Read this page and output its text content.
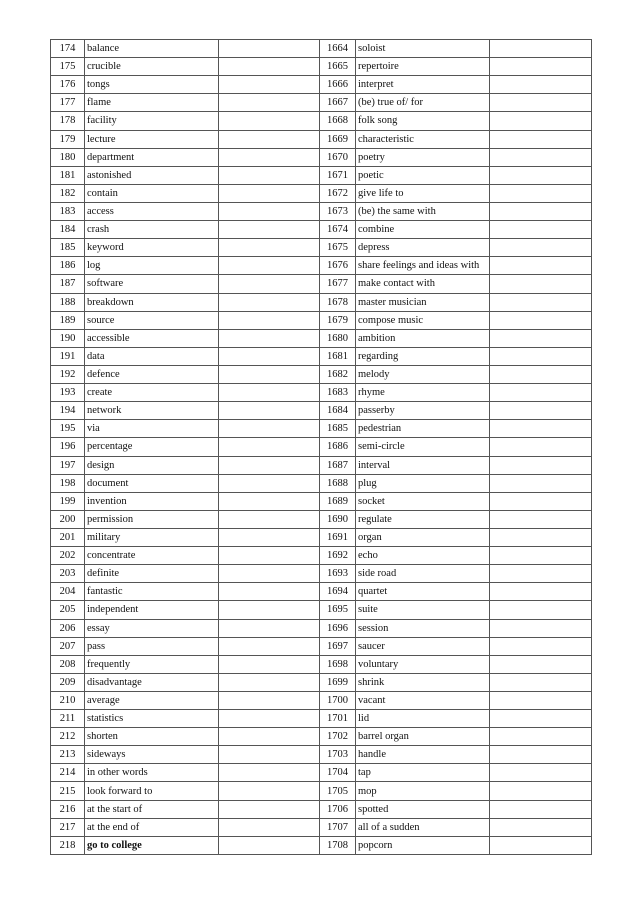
174	balance		1664	soloist	
175	crucible		1665	repertoire	
176	tongs		1666	interpret	
177	flame		1667	(be) true of/ for	
178	facility		1668	folk song	
179	lecture		1669	characteristic	
180	department		1670	poetry	
181	astonished		1671	poetic	
182	contain		1672	give life to	
183	access		1673	(be) the same with	
184	crash		1674	combine	
185	keyword		1675	depress	
186	log		1676	share feelings and ideas with	
187	software		1677	make contact with	
188	breakdown		1678	master musician	
189	source		1679	compose music	
190	accessible		1680	ambition	
191	data		1681	regarding	
192	defence		1682	melody	
193	create		1683	rhyme	
194	network		1684	passerby	
195	via		1685	pedestrian	
196	percentage		1686	semi-circle	
197	design		1687	interval	
198	document		1688	plug	
199	invention		1689	socket	
200	permission		1690	regulate	
201	military		1691	organ	
202	concentrate		1692	echo	
203	definite		1693	side road	
204	fantastic		1694	quartet	
205	independent		1695	suite	
206	essay		1696	session	
207	pass		1697	saucer	
208	frequently		1698	voluntary	
209	disadvantage		1699	shrink	
210	average		1700	vacant	
211	statistics		1701	lid	
212	shorten		1702	barrel organ	
213	sideways		1703	handle	
214	in other words		1704	tap	
215	look forward to		1705	mop	
216	at the start of		1706	spotted	
217	at the end of		1707	all of a sudden	
218	go to college		1708	popcorn	
